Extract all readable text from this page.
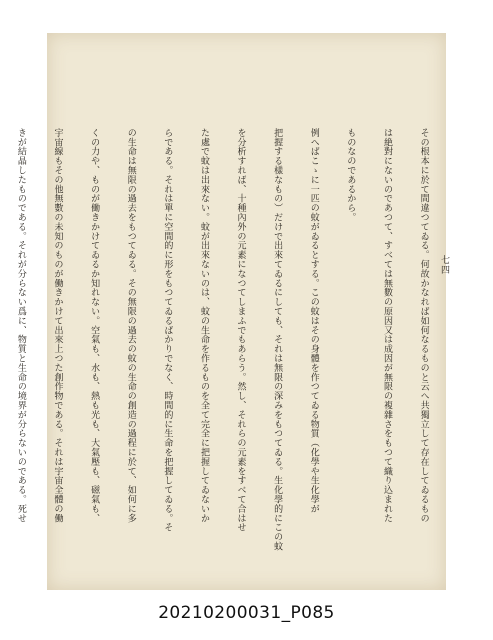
その根本に於て間違つてゐる。何故かなれば如何なるものと云へ共獨立して存在してゐるもの

は絶對にないのであつて、すべては無數の原因又は成因が無限の複雜さをもつて織り込まれた

ものなのであるから。

例へばこゝに一匹の蚊がゐるとする。この蚊はその身體を作つてゐる物質（化學や生化學が

把握する樣なもの）だけで出來てゐるにしても、それは無限の深みをもつてゐる。生化學的にこの蚊

を分析すれば、十種內外の元素になつてしまふでもあらう。然し、それらの元素をすべて合はせ

た處で蚊は出來ない。蚊が出來ないのは、蚊の生命を作るものを全て完全に把握してゐないか

らである。それは單に空間的に形をもつてゐるばかりでなく、時間的に生命を把握してゐる。そ

の生命は無限の過去をもつてゐる。その無限の過去の蚊の生命の創造の過程に於て、如何に多

くの力や、ものが働きかけてゐるか知れない。空氣も、水も、熱も光も、大氣壓も、磁氣も、

宇宙線もその他無數の未知のものが働きかけて出來上つた創作物である。それは宇宙全體の働

きが結晶したものである。それが分らない爲に、物質と生命の境界が分らないのである。死せ

	七四
20210200031_P085
